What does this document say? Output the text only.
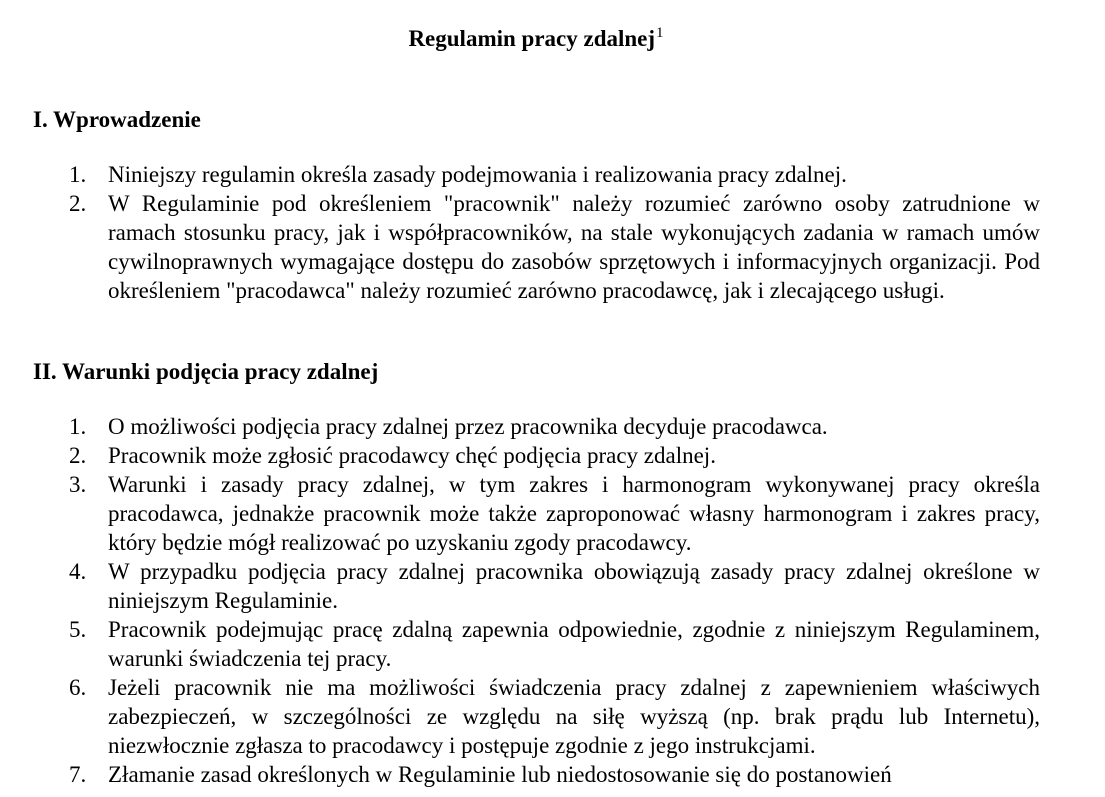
Regulamin pracy zdalnej$^1$
I. Wprowadzenie
1. Niniejszy regulamin określa zasady podejmowania i realizowania pracy zdalnej.
2. W Regulaminie pod określeniem "pracownik" należy rozumieć zarówno osoby zatrudnione w ramach stosunku pracy, jak i współpracowników, na stale wykonujących zadania w ramach umów cywilnoprawnych wymagające dostępu do zasobów sprzętowych i informacyjnych organizacji. Pod określeniem "pracodawca" należy rozumieć zarówno pracodawcę, jak i zlecającego usługi.
II. Warunki podjęcia pracy zdalnej
1. O możliwości podjęcia pracy zdalnej przez pracownika decyduje pracodawca.
2. Pracownik może zgłosić pracodawcy chęć podjęcia pracy zdalnej.
3. Warunki i zasady pracy zdalnej, w tym zakres i harmonogram wykonywanej pracy określa pracodawca, jednakże pracownik może także zaproponować własny harmonogram i zakres pracy, który będzie mógł realizować po uzyskaniu zgody pracodawcy.
4. W przypadku podjęcia pracy zdalnej pracownika obowiązują zasady pracy zdalnej określone w niniejszym Regulaminie.
5. Pracownik podejmując pracę zdalną zapewnia odpowiednie, zgodnie z niniejszym Regulaminem, warunki świadczenia tej pracy.
6. Jeżeli pracownik nie ma możliwości świadczenia pracy zdalnej z zapewnieniem właściwych zabezpieczeń, w szczególności ze względu na siłę wyższą (np. brak prądu lub Internetu), niezwłocznie zgłasza to pracodawcy i postępuje zgodnie z jego instrukcjami.
7. Złamanie zasad określonych w Regulaminie lub niedostosowanie się do postanowień
